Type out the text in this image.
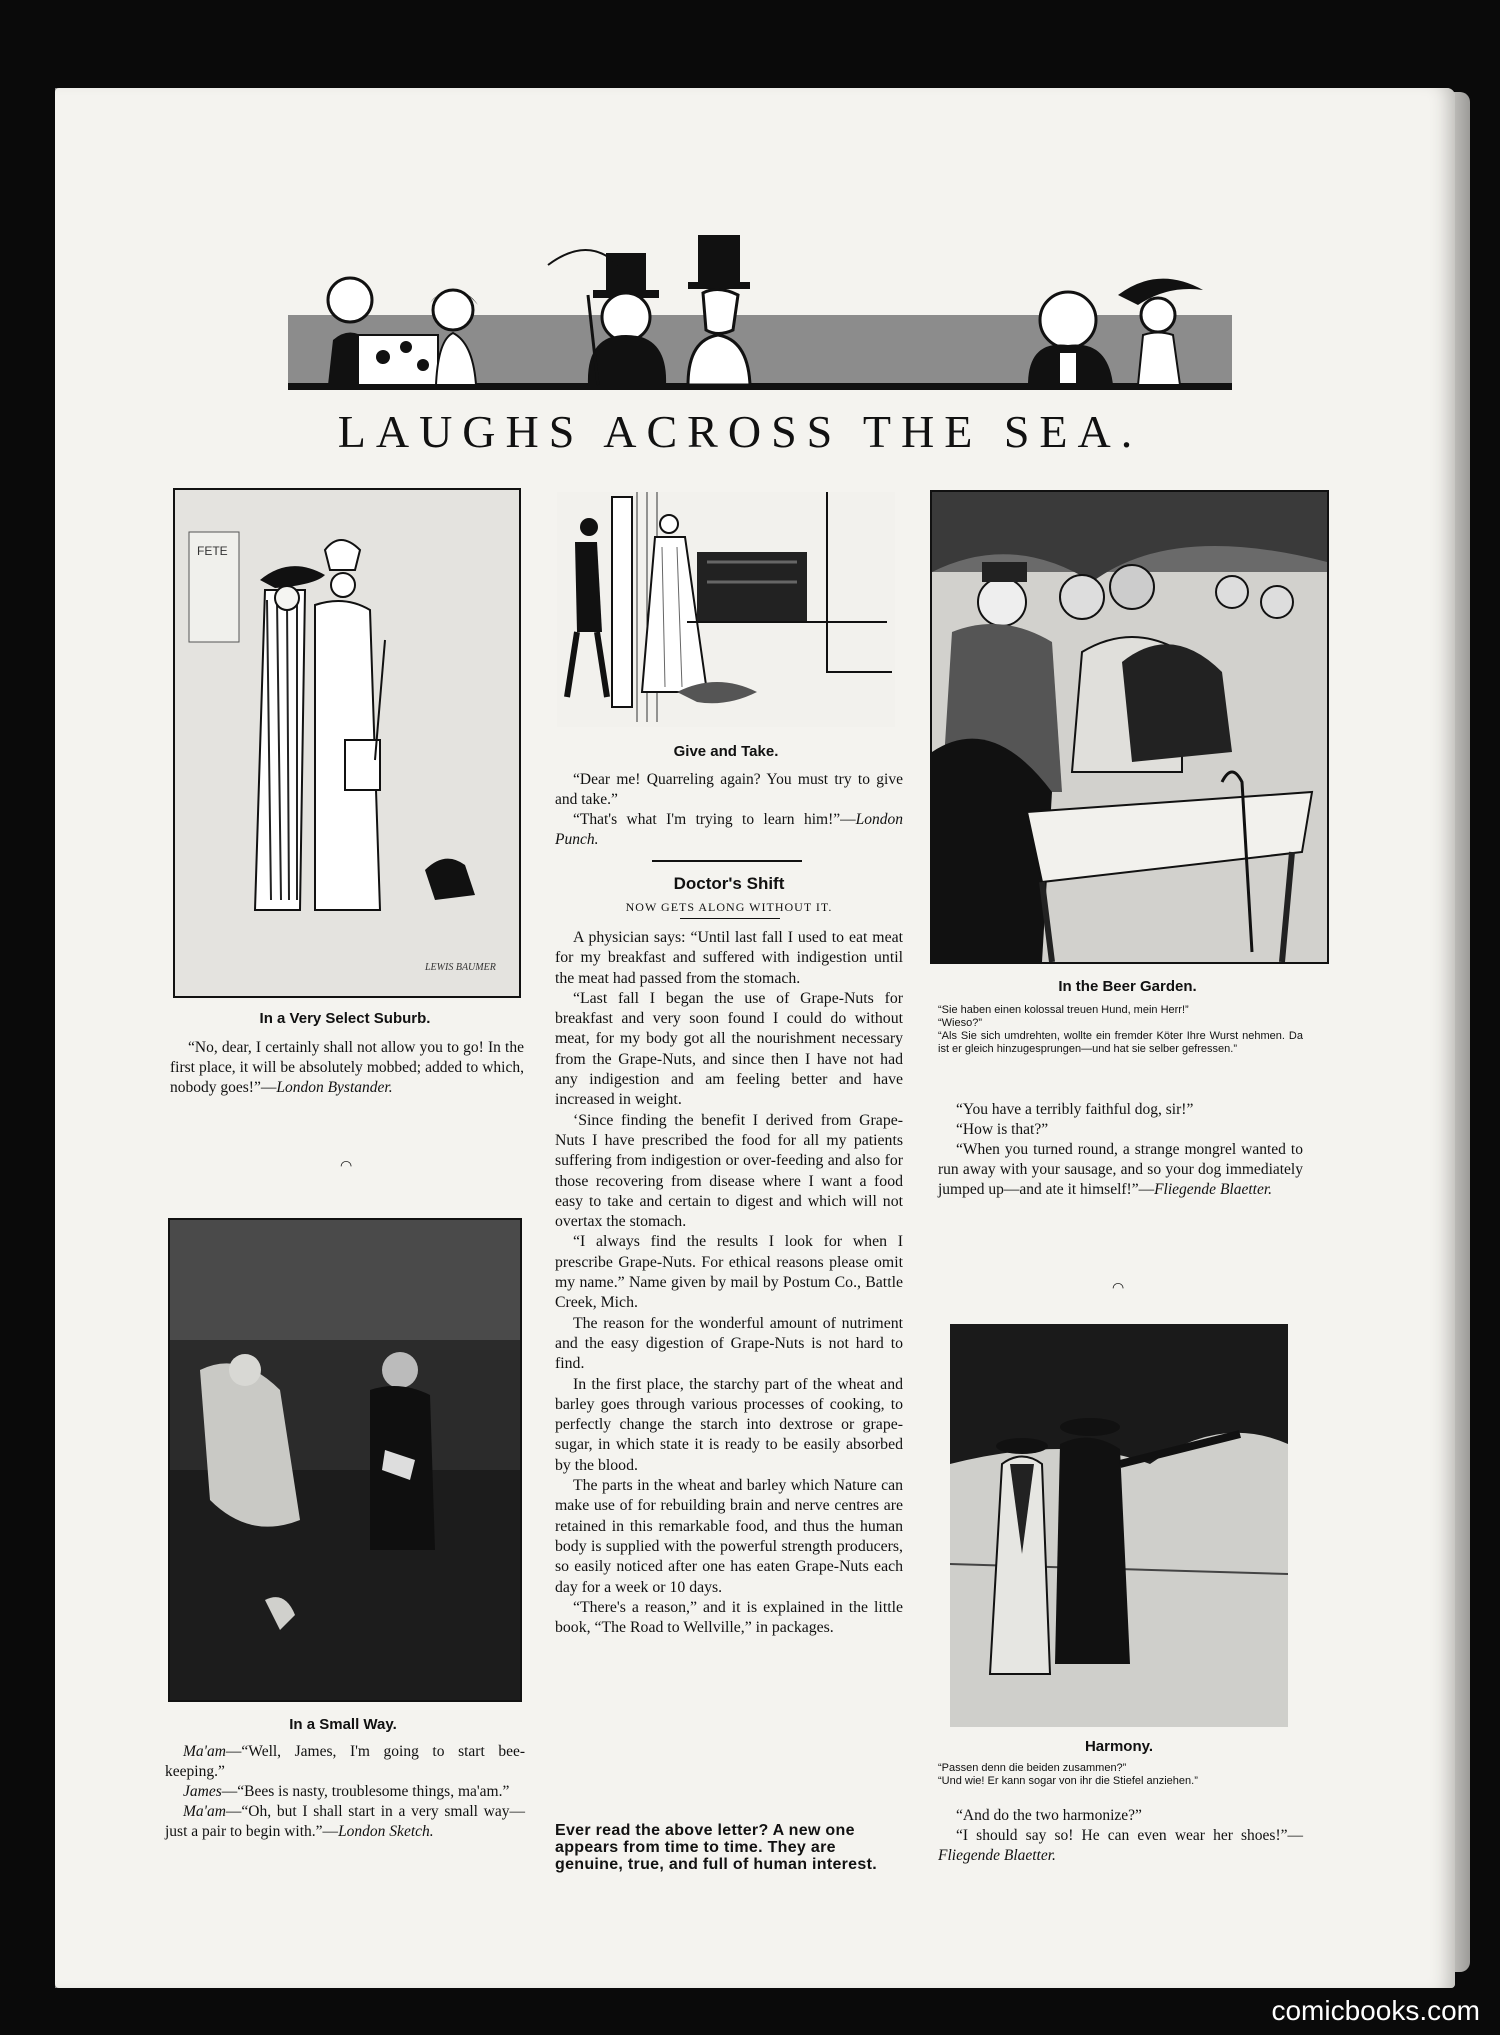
LAUGHS ACROSS THE SEA.
FETE
LEWIS BAUMER
In a Very Select Suburb.

“No, dear, I certainly shall not allow you to go! In the first place, it will be absolutely mobbed; added to which, nobody goes!”—London Bystander.

◠
In a Small Way.

Ma'am—“Well, James, I'm going to start bee-keeping.”

James—“Bees is nasty, troublesome things, ma'am.”

Ma'am—“Oh, but I shall start in a very small way—just a pair to begin with.”—London Sketch.

Give and Take.

“Dear me! Quarreling again? You must try to give and take.”

“That's what I'm trying to learn him!”—London Punch.

Doctor's Shift
NOW GETS ALONG WITHOUT IT.

A physician says: “Until last fall I used to eat meat for my breakfast and suffered with indigestion until the meat had passed from the stomach.

“Last fall I began the use of Grape-Nuts for breakfast and very soon found I could do without meat, for my body got all the nourishment necessary from the Grape-Nuts, and since then I have not had any indigestion and am feeling better and have increased in weight.

‘Since finding the benefit I derived from Grape-Nuts I have prescribed the food for all my patients suffering from indigestion or over-feeding and also for those recovering from disease where I want a food easy to take and certain to digest and which will not overtax the stomach.

“I always find the results I look for when I prescribe Grape-Nuts. For ethical reasons please omit my name.” Name given by mail by Postum Co., Battle Creek, Mich.

The reason for the wonderful amount of nutriment and the easy digestion of Grape-Nuts is not hard to find.

In the first place, the starchy part of the wheat and barley goes through various processes of cooking, to perfectly change the starch into dextrose or grape-sugar, in which state it is ready to be easily absorbed by the blood.

The parts in the wheat and barley which Nature can make use of for rebuilding brain and nerve centres are retained in this remarkable food, and thus the human body is supplied with the powerful strength producers, so easily noticed after one has eaten Grape-Nuts each day for a week or 10 days.

“There's a reason,” and it is explained in the little book, “The Road to Wellville,” in packages.

Ever read the above letter? A new one appears from time to time. They are genuine, true, and full of human interest.
In the Beer Garden.

“Sie haben einen kolossal treuen Hund, mein Herr!”

“Wieso?”

“Als Sie sich umdrehten, wollte ein fremder Köter Ihre Wurst nehmen. Da ist er gleich hinzugesprungen—und hat sie selber gefressen.”

“You have a terribly faithful dog, sir!”

“How is that?”

“When you turned round, a strange mongrel wanted to run away with your sausage, and so your dog immediately jumped up—and ate it himself!”—Fliegende Blaetter.

◠
Harmony.

“Passen denn die beiden zusammen?”

“Und wie! Er kann sogar von ihr die Stiefel anziehen.”

“And do the two harmonize?”

“I should say so! He can even wear her shoes!”—Fliegende Blaetter.

comicbooks.com
